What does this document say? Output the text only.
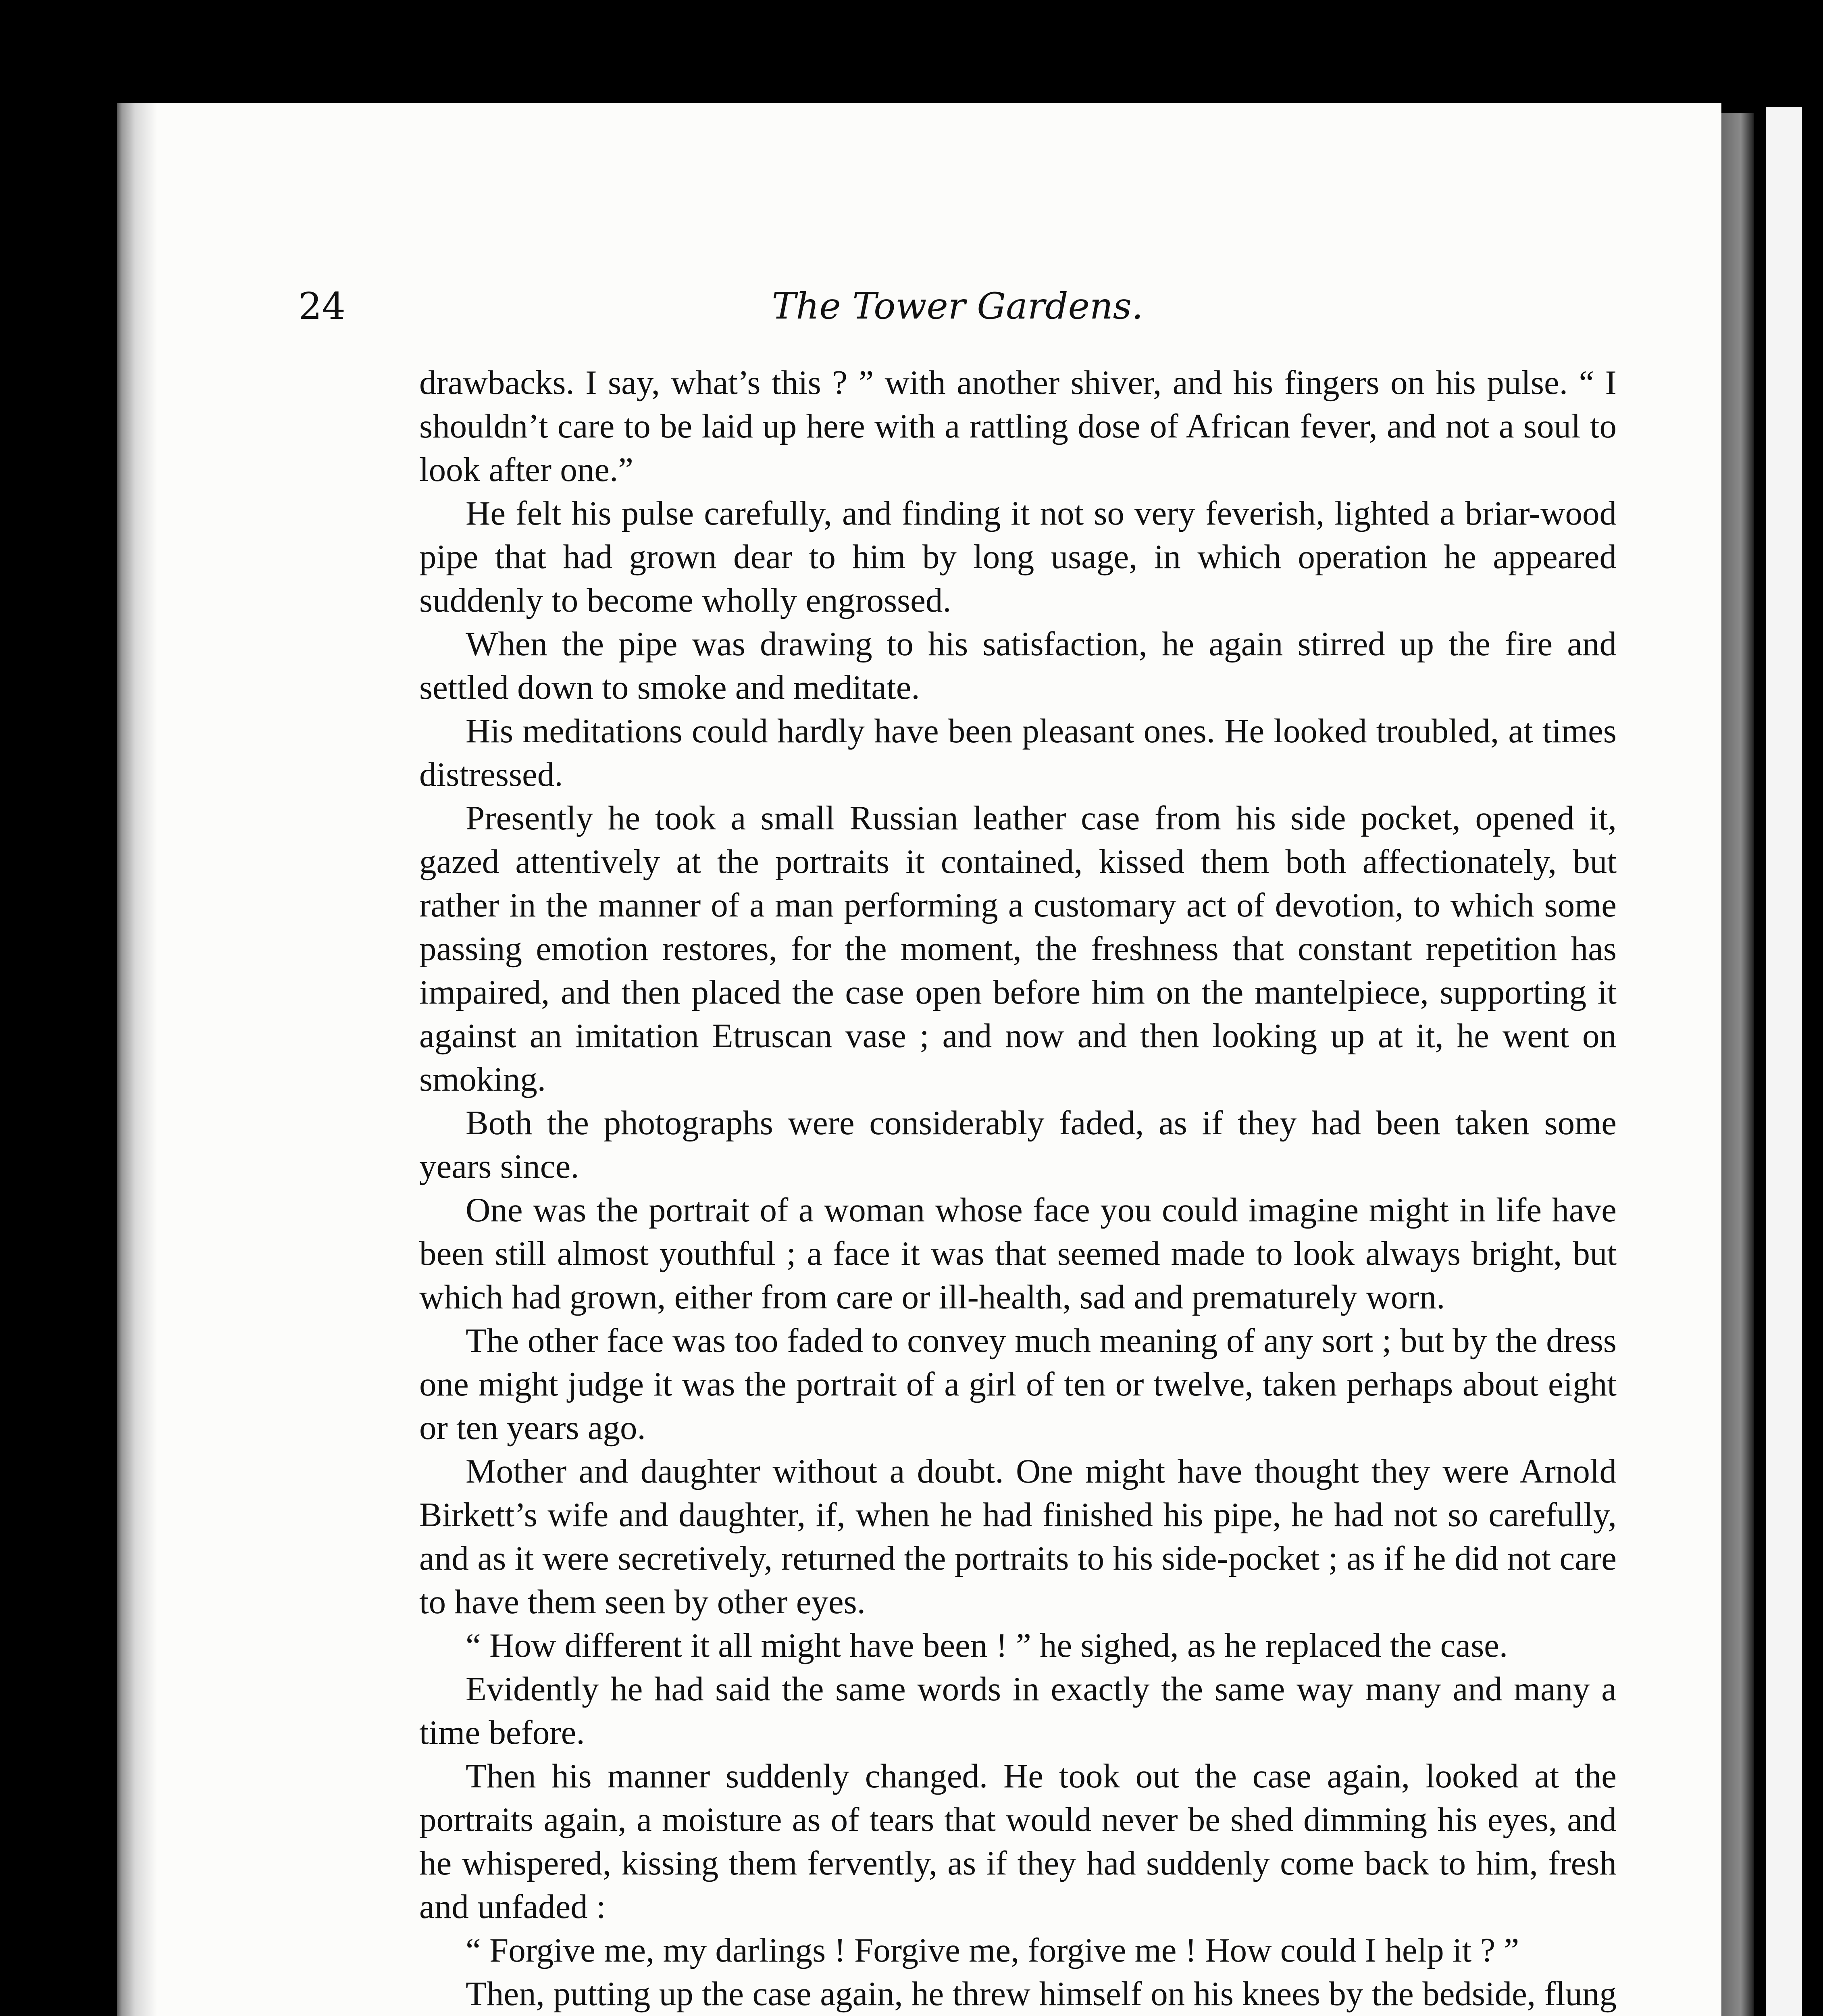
24	The Tower Gardens.

drawbacks. I say, what’s this ? ” with another shiver, and his fingers on his pulse. “ I shouldn’t care to be laid up here with a rattling dose of African fever, and not a soul to look after one.”

He felt his pulse carefully, and finding it not so very feverish, lighted a briar-wood pipe that had grown dear to him by long usage, in which operation he appeared suddenly to become wholly engrossed.

When the pipe was drawing to his satisfaction, he again stirred up the fire and settled down to smoke and meditate.

His meditations could hardly have been pleasant ones. He looked troubled, at times distressed.

Presently he took a small Russian leather case from his side pocket, opened it, gazed attentively at the portraits it contained, kissed them both affectionately, but rather in the manner of a man performing a customary act of devotion, to which some passing emotion restores, for the moment, the freshness that constant repetition has impaired, and then placed the case open before him on the mantelpiece, supporting it against an imitation Etruscan vase ; and now and then looking up at it, he went on smoking.

Both the photographs were considerably faded, as if they had been taken some years since.

One was the portrait of a woman whose face you could imagine might in life have been still almost youthful ; a face it was that seemed made to look always bright, but which had grown, either from care or ill-health, sad and prematurely worn.

The other face was too faded to convey much meaning of any sort ; but by the dress one might judge it was the portrait of a girl of ten or twelve, taken perhaps about eight or ten years ago.

Mother and daughter without a doubt. One might have thought they were Arnold Birkett’s wife and daughter, if, when he had finished his pipe, he had not so carefully, and as it were secretively, returned the portraits to his side-pocket ; as if he did not care to have them seen by other eyes.

“ How different it all might have been ! ” he sighed, as he replaced the case.

Evidently he had said the same words in exactly the same way many and many a time before.

Then his manner suddenly changed. He took out the case again, looked at the portraits again, a moisture as of tears that would never be shed dimming his eyes, and he whispered, kissing them fervently, as if they had suddenly come back to him, fresh and unfaded :

“ Forgive me, my darlings ! Forgive me, forgive me ! How could I help it ? ”

Then, putting up the case again, he threw himself on his knees by the bedside, flung
